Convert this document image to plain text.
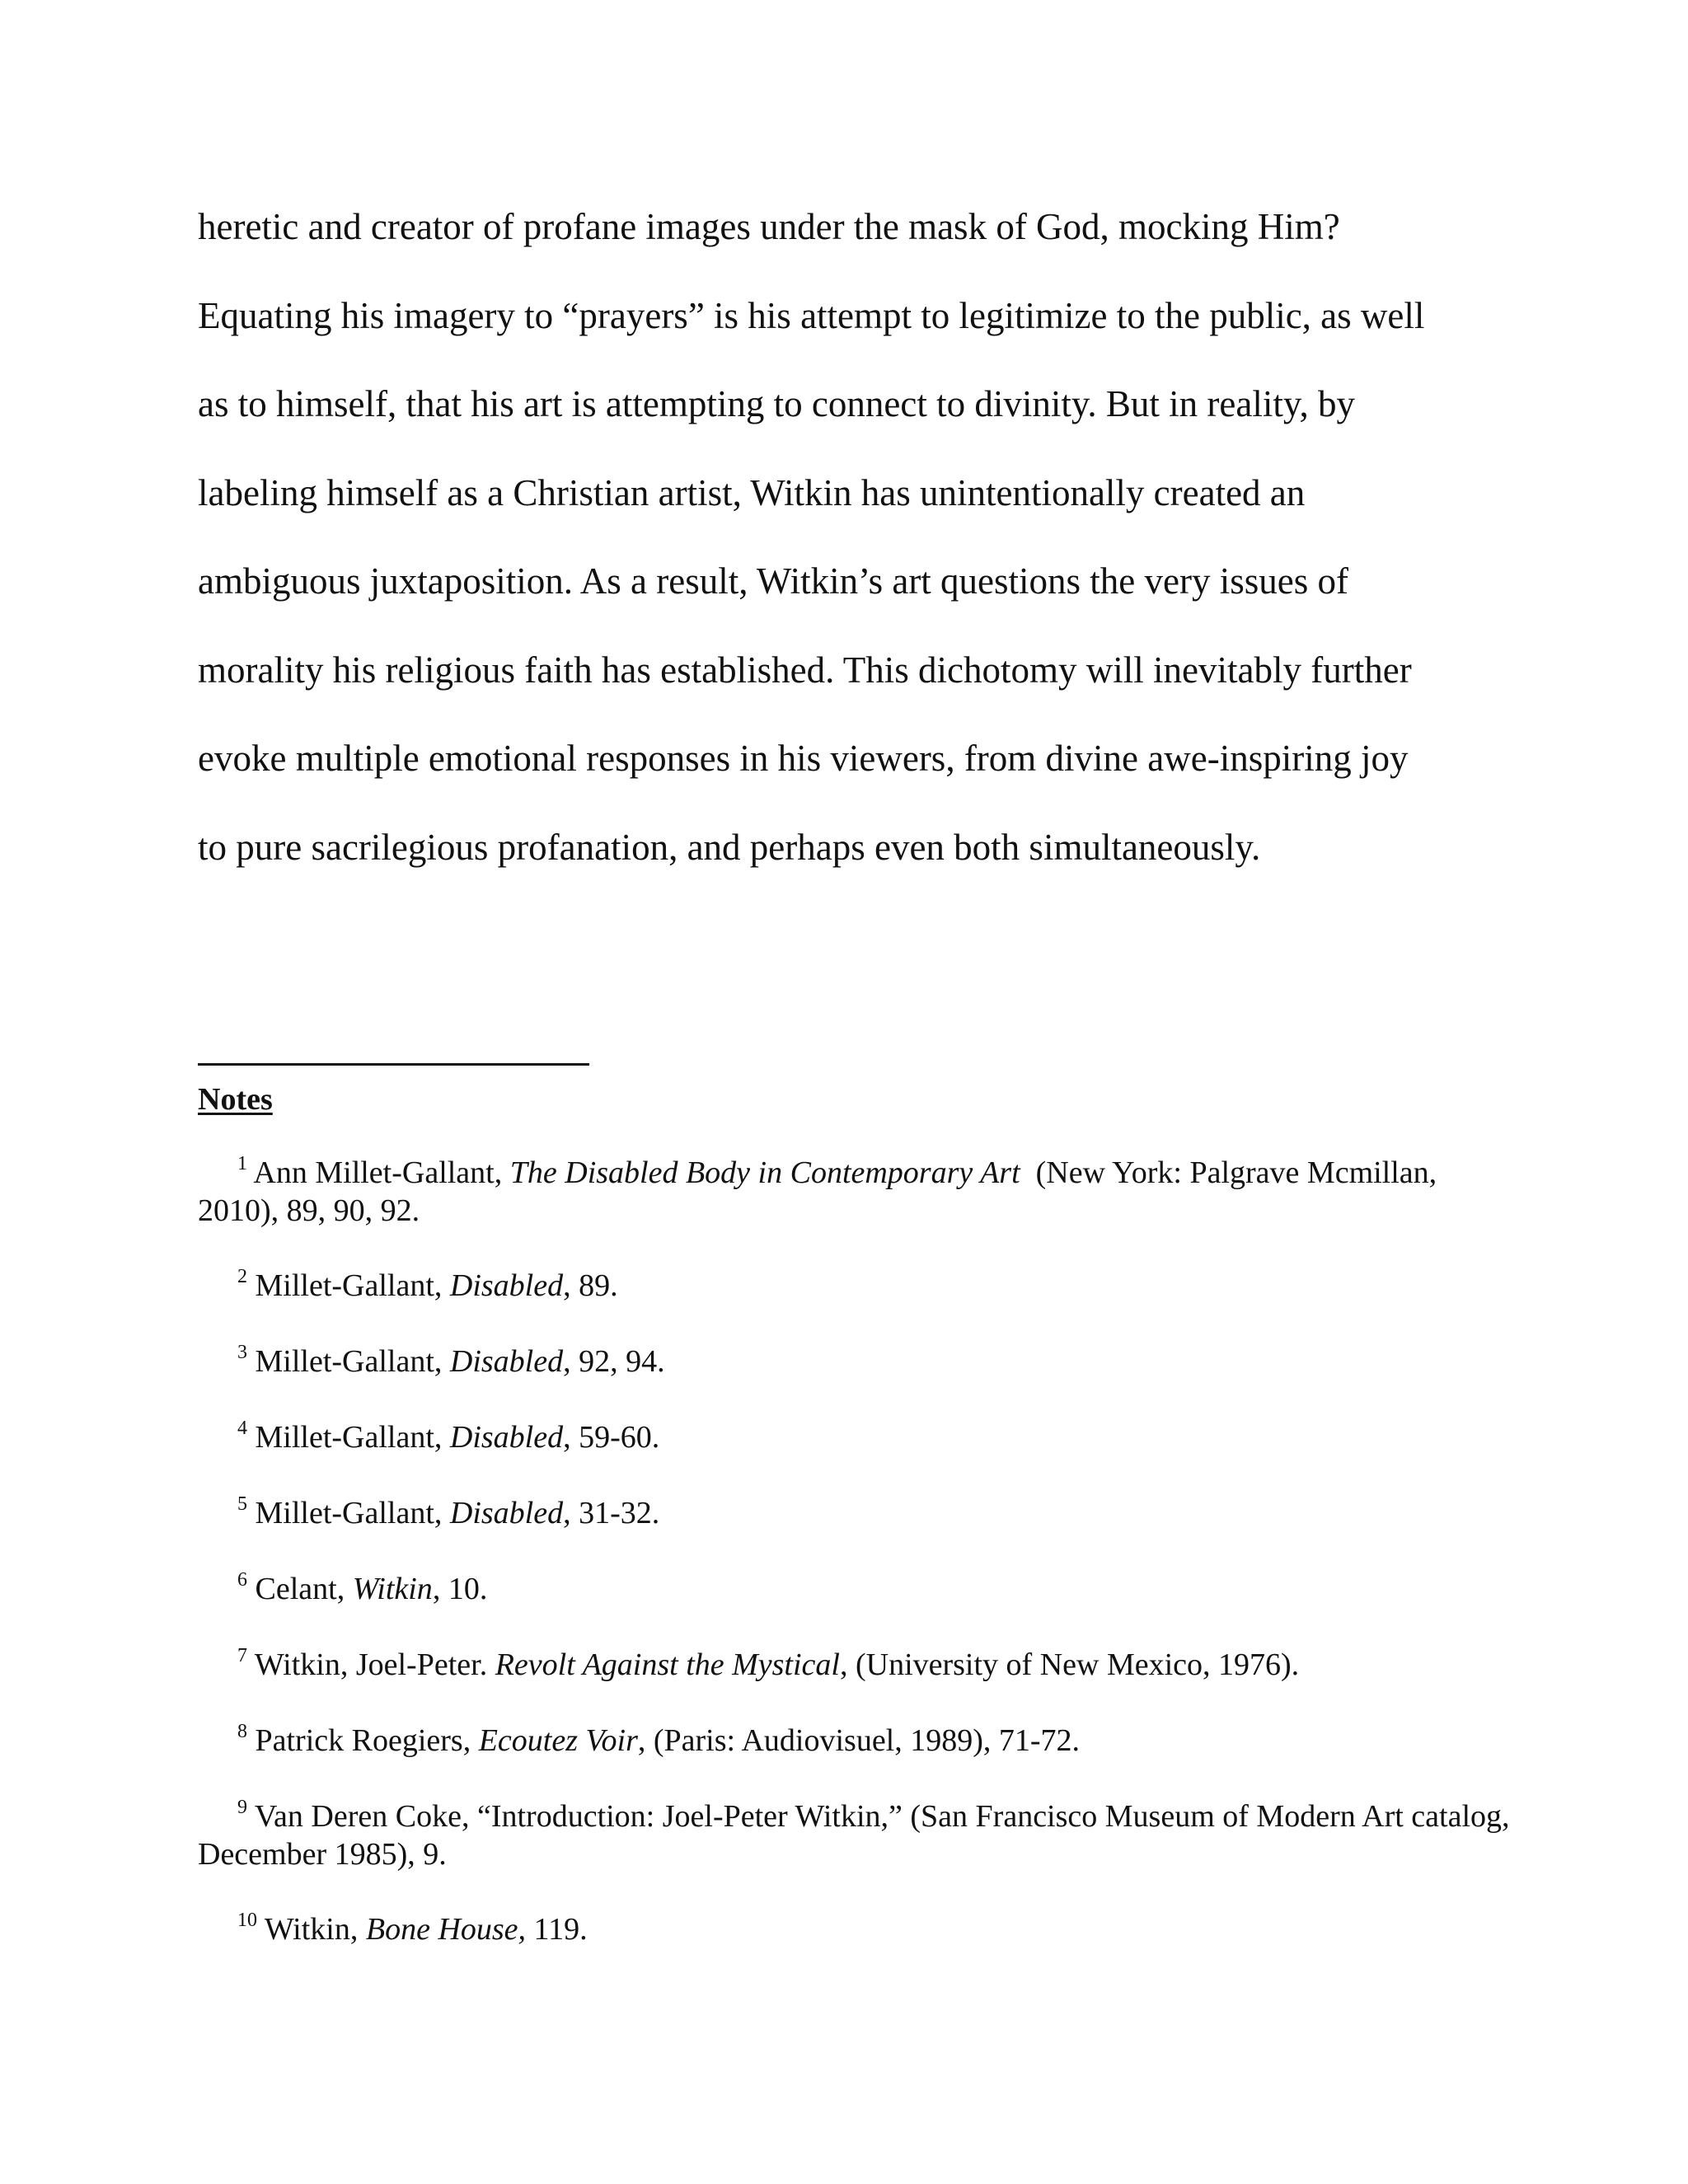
heretic and creator of profane images under the mask of God, mocking Him?
Equating his imagery to “prayers” is his attempt to legitimize to the public, as well
as to himself, that his art is attempting to connect to divinity. But in reality, by
labeling himself as a Christian artist, Witkin has unintentionally created an
ambiguous juxtaposition. As a result, Witkin’s art questions the very issues of
morality his religious faith has established. This dichotomy will inevitably further
evoke multiple emotional responses in his viewers, from divine awe-inspiring joy
to pure sacrilegious profanation, and perhaps even both simultaneously.
Notes
$^1$ Ann Millet-Gallant, The Disabled Body in Contemporary Art  (New York: Palgrave Mcmillan, 2010), 89, 90, 92.
$^2$ Millet-Gallant, Disabled, 89.
$^3$ Millet-Gallant, Disabled, 92, 94.
$^4$ Millet-Gallant, Disabled, 59-60.
$^5$ Millet-Gallant, Disabled, 31-32.
$^6$ Celant, Witkin, 10.
$^7$ Witkin, Joel-Peter. Revolt Against the Mystical, (University of New Mexico, 1976).
$^8$ Patrick Roegiers, Ecoutez Voir, (Paris: Audiovisuel, 1989), 71-72.
$^9$ Van Deren Coke, “Introduction: Joel-Peter Witkin,” (San Francisco Museum of Modern Art catalog, December 1985), 9.
$^{10}$ Witkin, Bone House, 119.
